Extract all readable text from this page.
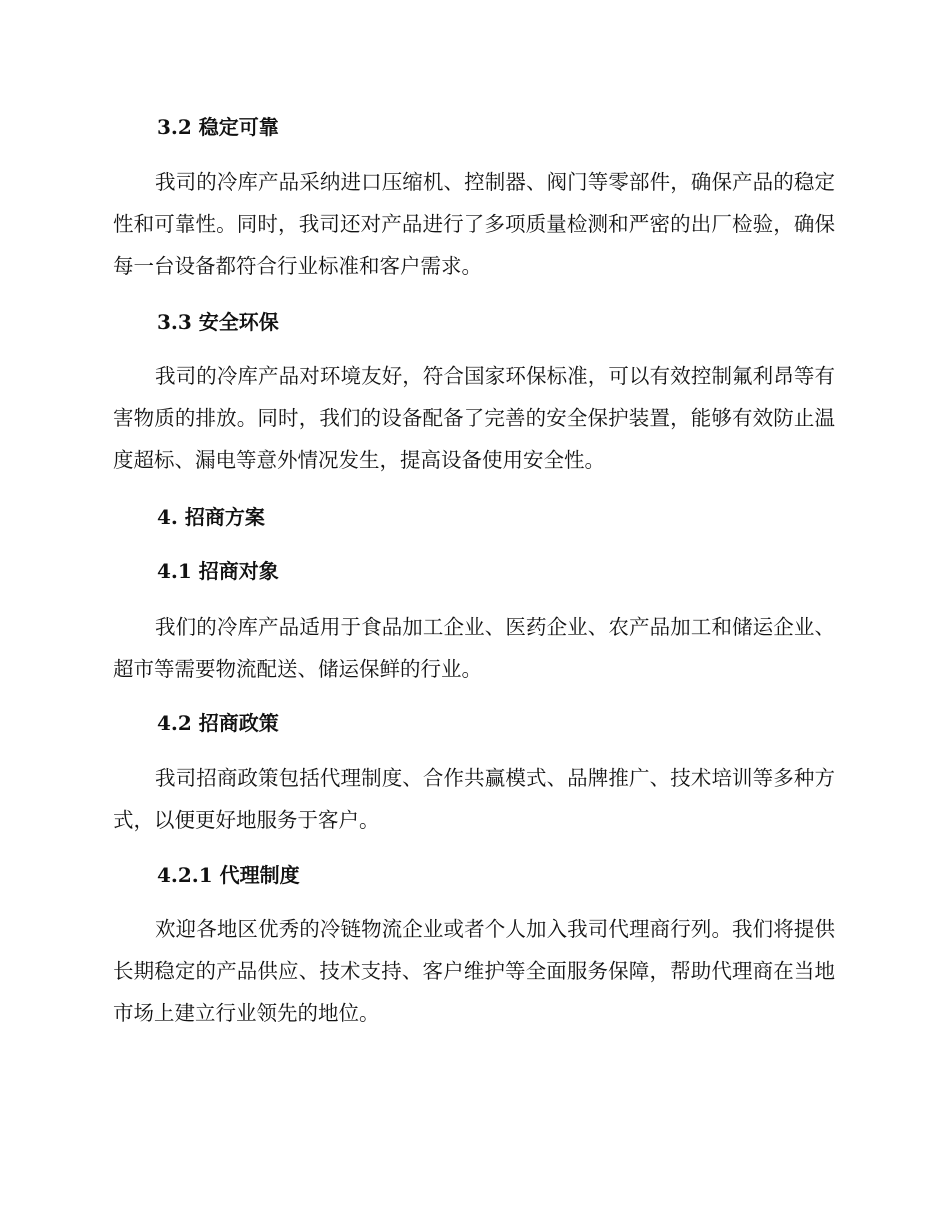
3.2 稳定可靠

我司的冷库产品采纳进口压缩机、控制器、阀门等零部件，确保产品的稳定性和可靠性。同时，我司还对产品进行了多项质量检测和严密的出厂检验，确保每一台设备都符合行业标准和客户需求。

3.3 安全环保

我司的冷库产品对环境友好，符合国家环保标准，可以有效控制氟利昂等有害物质的排放。同时，我们的设备配备了完善的安全保护装置，能够有效防止温度超标、漏电等意外情况发生，提高设备使用安全性。

4. 招商方案
4.1 招商对象

我们的冷库产品适用于食品加工企业、医药企业、农产品加工和储运企业、超市等需要物流配送、储运保鲜的行业。

4.2 招商政策

我司招商政策包括代理制度、合作共赢模式、品牌推广、技术培训等多种方式，以便更好地服务于客户。

4.2.1 代理制度

欢迎各地区优秀的冷链物流企业或者个人加入我司代理商行列。我们将提供长期稳定的产品供应、技术支持、客户维护等全面服务保障，帮助代理商在当地市场上建立行业领先的地位。
